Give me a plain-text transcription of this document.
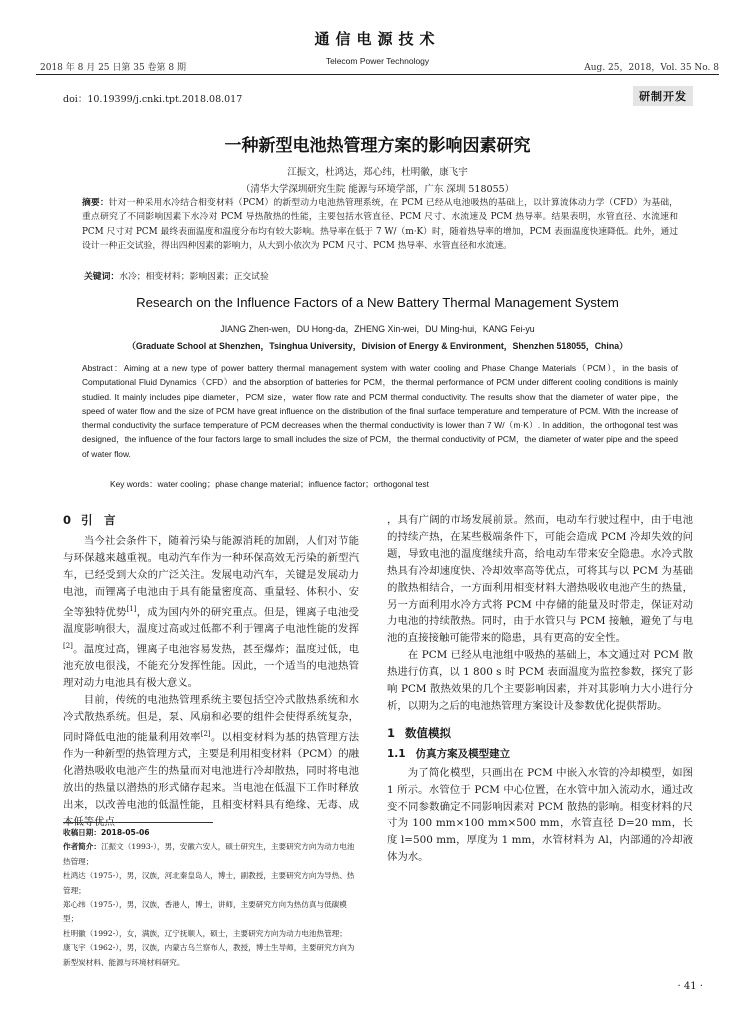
通信电源技术
2018 年 8 月 25 日第 35 卷第 8 期
Telecom Power Technology
Aug. 25，2018，Vol. 35 No. 8
doi：10.19399/j.cnki.tpt.2018.08.017	研制开发
一种新型电池热管理方案的影响因素研究
江振文，杜鸿达，郑心纬，杜明徽，康飞宇
（清华大学深圳研究生院 能源与环境学部，广东 深圳 518055）
摘要：针对一种采用水冷结合相变材料（PCM）的新型动力电池热管理系统，在 PCM 已经从电池吸热的基础上，以计算流体动力学（CFD）为基础，重点研究了不同影响因素下水冷对 PCM 导热散热的性能，主要包括水管直径、PCM 尺寸、水流速及 PCM 热导率。结果表明，水管直径、水流速和 PCM 尺寸对 PCM 最终表面温度和温度分布均有较大影响。热导率在低于 7 W/（m·K）时，随着热导率的增加，PCM 表面温度快速降低。此外，通过设计一种正交试验，得出四种因素的影响力，从大到小依次为 PCM 尺寸、PCM 热导率、水管直径和水流速。
关键词：水冷；相变材料；影响因素；正交试验
Research on the Influence Factors of a New Battery Thermal Management System
JIANG Zhen-wen，DU Hong-da，ZHENG Xin-wei，DU Ming-hui，KANG Fei-yu
（Graduate School at Shenzhen，Tsinghua University，Division of Energy & Environment，Shenzhen 518055，China）
Abstract：Aiming at a new type of power battery thermal management system with water cooling and Phase Change Materials（PCM），in the basis of Computational Fluid Dynamics（CFD）and the absorption of batteries for PCM，the thermal performance of PCM under different cooling conditions is mainly studied. It mainly includes pipe diameter，PCM size，water flow rate and PCM thermal conductivity. The results show that the diameter of water pipe，the speed of water flow and the size of PCM have great influence on the distribution of the final surface temperature and temperature of PCM. With the increase of thermal conductivity the surface temperature of PCM decreases when the thermal conductivity is lower than 7 W/（m·K）. In addition，the orthogonal test was designed，the influence of the four factors large to small includes the size of PCM，the thermal conductivity of PCM，the diameter of water pipe and the speed of water flow.
Key words：water cooling；phase change material；influence factor；orthogonal test
0 引　言

当今社会条件下，随着污染与能源消耗的加剧，人们对节能与环保越来越重视。电动汽车作为一种环保高效无污染的新型汽车，已经受到大众的广泛关注。发展电动汽车，关键是发展动力电池，而锂离子电池由于具有能量密度高、重量轻、体积小、安全等独特优势[1]，成为国内外的研究重点。但是，锂离子电池受温度影响很大，温度过高或过低都不利于锂离子电池性能的发挥[2]。温度过高，锂离子电池容易发热，甚至爆炸；温度过低，电池充放电很浅，不能充分发挥性能。因此，一个适当的电池热管理对动力电池具有极大意义。

目前，传统的电池热管理系统主要包括空冷式散热系统和水冷式散热系统。但是，泵、风扇和必要的组件会使得系统复杂，同时降低电池的能量利用效率[2]。以相变材料为基的热管理方法作为一种新型的热管理方式，主要是利用相变材料（PCM）的融化潜热吸收电池产生的热量而对电池进行冷却散热，同时将电池放出的热量以潜热的形式储存起来。当电池在低温下工作时释放出来，以改善电池的低温性能，且相变材料具有绝缘、无毒、成本低等优点

收稿日期：2018-05-06

作者简介：江振文（1993-），男，安徽六安人，硕士研究生，主要研究方向为动力电池热管理；

杜鸿达（1975-），男，汉族，河北秦皇岛人，博士，副教授，主要研究方向为导热、热管理；

郑心纬（1975-），男，汉族，香港人，博士，讲师，主要研究方向为热仿真与低碳模型；

杜明徽（1992-），女，满族，辽宁抚顺人，硕士，主要研究方向为动力电池热管理；

康飞宇（1962-），男，汉族，内蒙古乌兰察布人，教授，博士生导师，主要研究方向为新型炭材料、能源与环境材料研究。

，具有广阔的市场发展前景。然而，电动车行驶过程中，由于电池的持续产热，在某些极端条件下，可能会造成 PCM 冷却失效的问题，导致电池的温度继续升高，给电动车带来安全隐患。水冷式散热具有冷却速度快、冷却效率高等优点，可将其与以 PCM 为基础的散热相结合，一方面利用相变材料大潜热吸收电池产生的热量，另一方面利用水冷方式将 PCM 中存储的能量及时带走，保证对动力电池的持续散热。同时，由于水管只与 PCM 接触，避免了与电池的直接接触可能带来的隐患，具有更高的安全性。

在 PCM 已经从电池组中吸热的基础上，本文通过对 PCM 散热进行仿真，以 1 800 s 时 PCM 表面温度为监控参数，探究了影响 PCM 散热效果的几个主要影响因素，并对其影响力大小进行分析，以期为之后的电池热管理方案设计及参数优化提供帮助。

1 数值模拟
1.1 仿真方案及模型建立

为了简化模型，只画出在 PCM 中嵌入水管的冷却模型，如图 1 所示。水管位于 PCM 中心位置，在水管中加入流动水，通过改变不同参数确定不同影响因素对 PCM 散热的影响。相变材料的尺寸为 100 mm×100 mm×500 mm，水管直径 D=20 mm，长度 l=500 mm，厚度为 1 mm，水管材料为 Al，内部通的冷却液体为水。

· 41 ·
